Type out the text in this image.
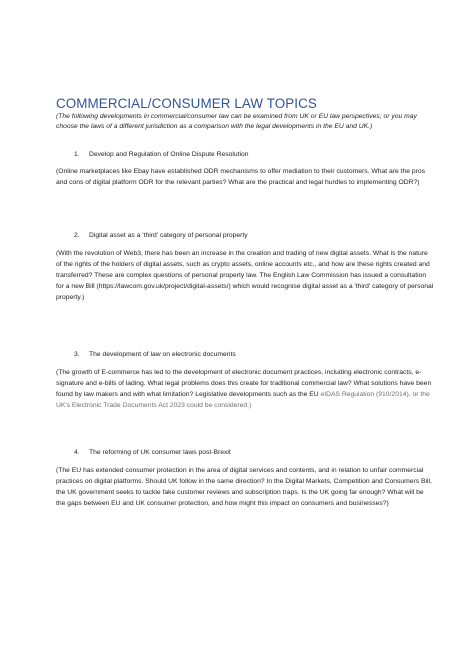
COMMERCIAL/CONSUMER LAW TOPICS
(The following developments in commercial/consumer law can be examined from UK or EU law perspectives; or you may choose the laws of a different jurisdiction as a comparison with the legal developments in the EU and UK.)
1. Develop and Regulation of Online Dispute Resolution
(Online marketplaces like Ebay have established ODR mechanisms to offer mediation to their customers. What are the pros and cons of digital platform ODR for the relevant parties? What are the practical and legal hurdles to implementing ODR?)
2. Digital asset as a 'third' category of personal property
(With the revolution of Web3, there has been an increase in the creation and trading of new digital assets. What is the nature of the rights of the holders of digital assets, such as crypto assets, online accounts etc., and how are these rights created and transferred? These are complex questions of personal property law. The English Law Commission has issued a consultation for a new Bill (https://lawcom.gov.uk/project/digital-assets/) which would recognise digital asset as a 'third' category of personal property.)
3. The development of law on electronic documents
(The growth of E-commerce has led to the development of electronic document practices, including electronic contracts, e-signature and e-bills of lading. What legal problems does this create for traditional commercial law? What solutions have been found by law makers and with what limitation? Legislative developments such as the EU eIDAS Regulation (910/2014), or the UK's Electronic Trade Documents Act 2023 could be considered.)
4. The reforming of UK consumer laws post-Brexit
(The EU has extended consumer protection in the area of digital services and contents, and in relation to unfair commercial practices on digital platforms. Should UK follow in the same direction? In the Digital Markets, Competition and Consumers Bill, the UK government seeks to tackle fake customer reviews and subscription traps. Is the UK going far enough? What will be the gaps between EU and UK consumer protection, and how might this impact on consumers and businesses?)
